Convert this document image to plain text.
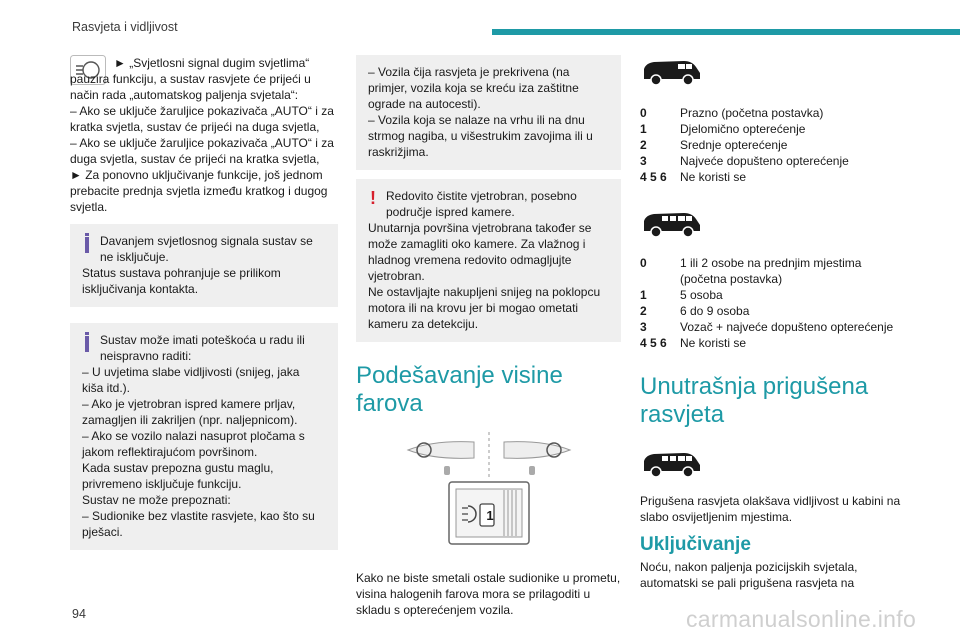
Rasvjeta i vidljivost

► „Svjetlosni signal dugim svjetlima“ pauzira funkciju, a sustav rasvjete će prijeći u način rada „automatskog paljenja svjetala“:
– Ako se uključe žaruljice pokazivača „AUTO“ i za kratka svjetla, sustav će prijeći na duga svjetla,
– Ako se uključe žaruljice pokazivača „AUTO“ i za duga svjetla, sustav će prijeći na kratka svjetla,
► Za ponovno uključivanje funkcije, još jednom prebacite prednja svjetla između kratkog i dugog svjetla.

Davanjem svjetlosnog signala sustav se ne isključuje.

Status sustava pohranjuje se prilikom isključivanja kontakta.

Sustav može imati poteškoća u radu ili neispravno raditi:

– U uvjetima slabe vidljivosti (snijeg, jaka kiša itd.).
– Ako je vjetrobran ispred kamere prljav, zamagljen ili zakriljen (npr. naljepnicom).
– Ako se vozilo nalazi nasuprot pločama s jakom reflektirajućom površinom.
Kada sustav prepozna gustu maglu, privremeno isključuje funkciju.
Sustav ne može prepoznati:
– Sudionike bez vlastite rasvjete, kao što su pješaci.

– Vozila čija rasvjeta je prekrivena (na primjer, vozila koja se kreću iza zaštitne ograde na autocesti).
– Vozila koja se nalaze na vrhu ili na dnu strmog nagiba, u višestrukim zavojima ili u raskrižjima.

! Redovito čistite vjetrobran, posebno područje ispred kamere.

Unutarnja površina vjetrobrana također se može zamagliti oko kamere. Za vlažnog i hladnog vremena redovito odmagljujte vjetrobran.
Ne ostavljajte nakupljeni snijeg na poklopcu motora ili na krovu jer bi mogao ometati kameru za detekciju.

Podešavanje visine farova
1

Kako ne biste smetali ostale sudionike u prometu, visina halogenih farova mora se prilagoditi u skladu s opterećenjem vozila.

0	Prazno (početna postavka)
1	Djelomično opterećenje
2	Srednje opterećenje
3	Najveće dopušteno opterećenje
4 5 6	Ne koristi se
0	1 ili 2 osobe na prednjim mjestima (početna postavka)
1	5 osoba
2	6 do 9 osoba
3	Vozač + najveće dopušteno opterećenje
4 5 6	Ne koristi se
Unutrašnja prigušena rasvjeta

Prigušena rasvjeta olakšava vidljivost u kabini na slabo osvijetljenim mjestima.

Uključivanje

Noću, nakon paljenja pozicijskih svjetala, automatski se pali prigušena rasvjeta na

94	carmanualsonline.info
